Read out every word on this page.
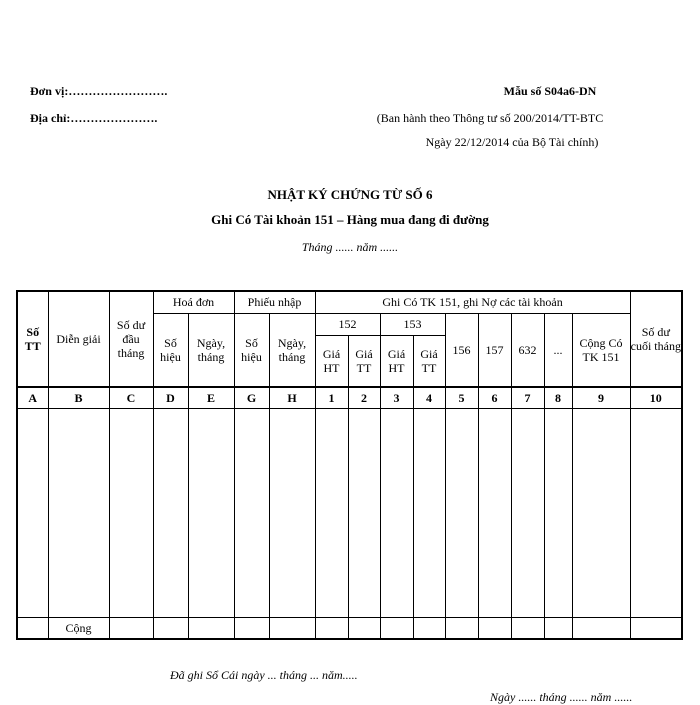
Đơn vị:…………………….
Địa chỉ:………………….
Mẫu số S04a6-DN
(Ban hành theo Thông tư số 200/2014/TT-BTC
Ngày 22/12/2014 của Bộ Tài chính)
NHẬT KÝ CHỨNG TỪ SỐ 6
Ghi Có Tài khoản 151 – Hàng mua đang đi đường
Tháng ...... năm ......
Số TT	Diễn giải	Số dư đầu tháng	Hoá đơn		Phiếu nhập		Ghi Có TK 151, ghi Nợ các tài khoản									Số dư cuối tháng
			Số hiệu	Ngày, tháng	Số hiệu	Ngày, tháng	152		153		156	157	632	...	Cộng Có TK 151	
							Giá HT	Giá TT	Giá HT	Giá TT						
A	B	C	D	E	G	H	1	2	3	4	5	6	7	8	9	10

	Cộng															
Đã ghi Sổ Cái ngày ... tháng ... năm.....
Ngày ...... tháng ...... năm ......
